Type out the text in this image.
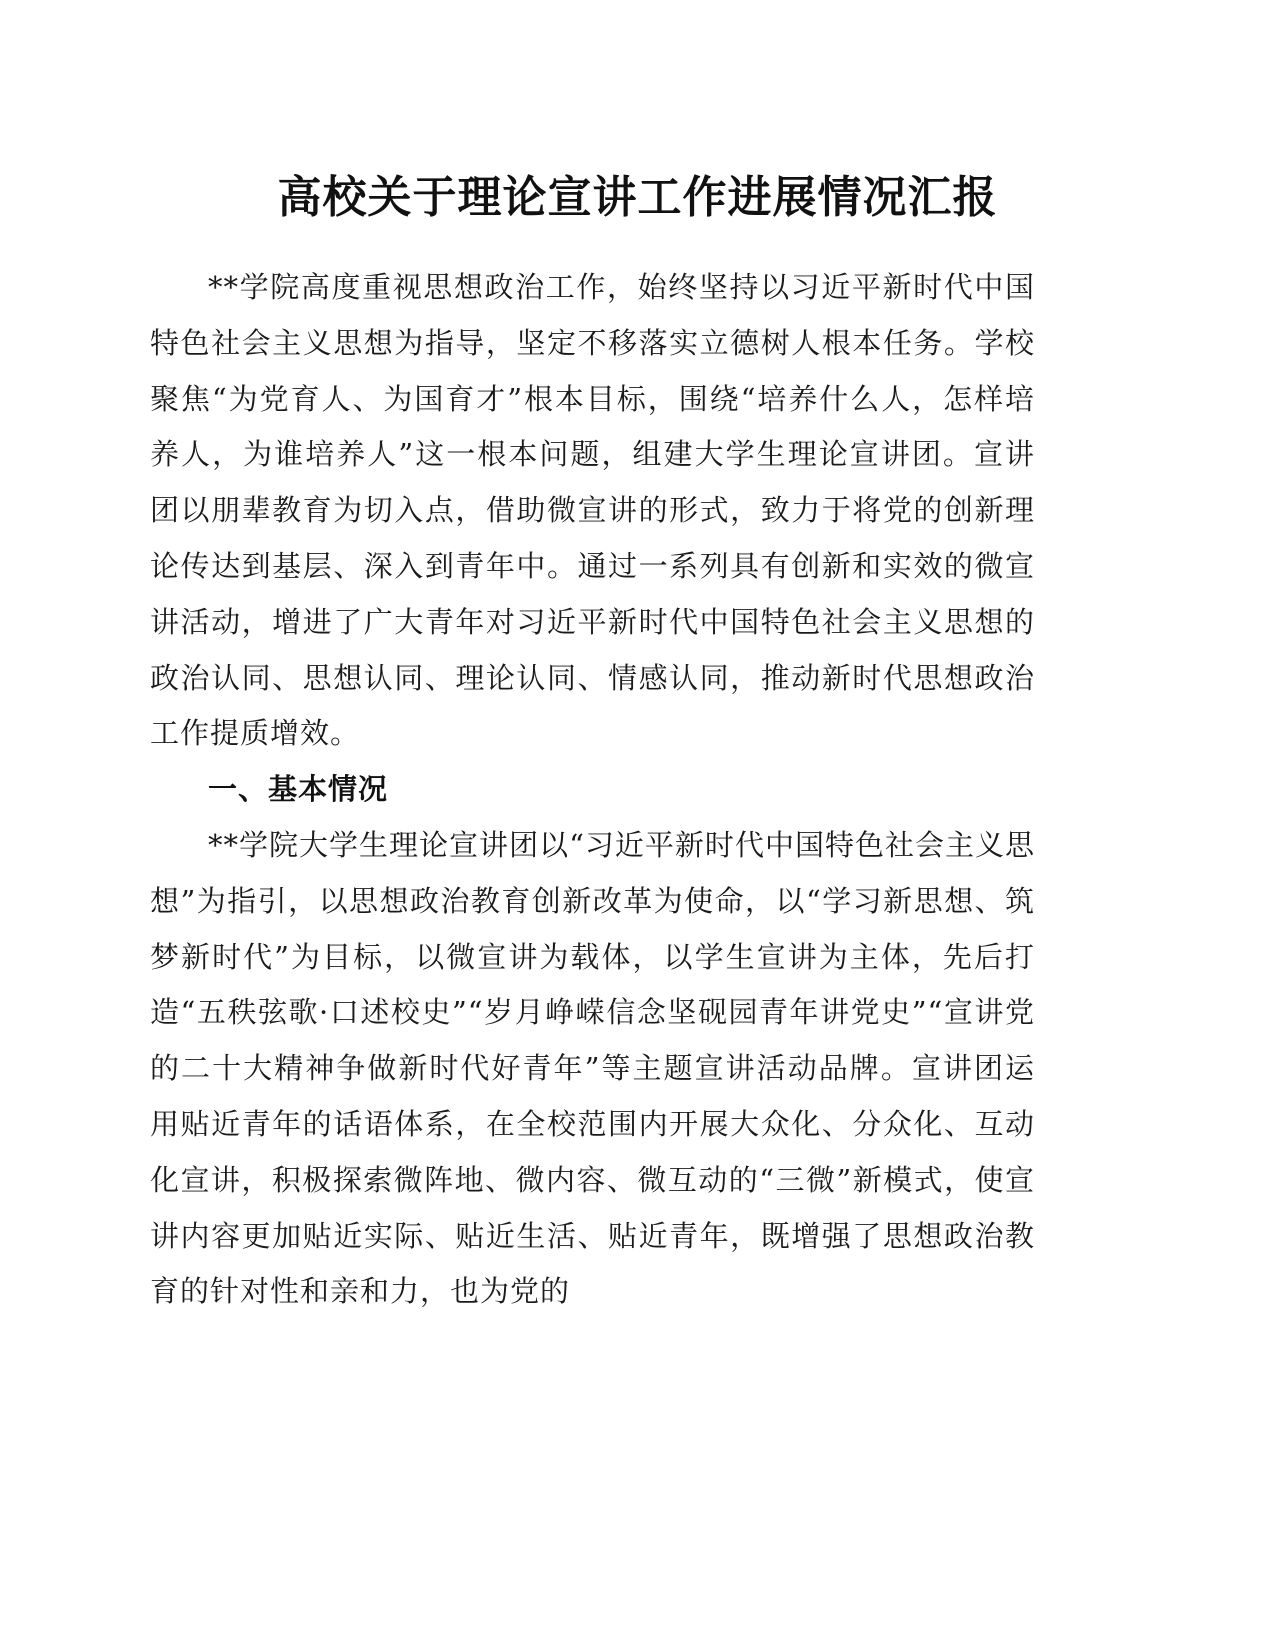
高校关于理论宣讲工作进展情况汇报

**学院高度重视思想政治工作，始终坚持以习近平新时代中国特色社会主义思想为指导，坚定不移落实立德树人根本任务。学校聚焦“为党育人、为国育才”根本目标，围绕“培养什么人，怎样培养人，为谁培养人”这一根本问题，组建大学生理论宣讲团。宣讲团以朋辈教育为切入点，借助微宣讲的形式，致力于将党的创新理论传达到基层、深入到青年中。通过一系列具有创新和实效的微宣讲活动，增进了广大青年对习近平新时代中国特色社会主义思想的政治认同、思想认同、理论认同、情感认同，推动新时代思想政治工作提质增效。

一、基本情况

**学院大学生理论宣讲团以“习近平新时代中国特色社会主义思想”为指引，以思想政治教育创新改革为使命，以“学习新思想、筑梦新时代”为目标，以微宣讲为载体，以学生宣讲为主体，先后打造“五秩弦歌·口述校史”“岁月峥嵘信念坚砚园青年讲党史”“宣讲党的二十大精神争做新时代好青年”等主题宣讲活动品牌。宣讲团运用贴近青年的话语体系，在全校范围内开展大众化、分众化、互动化宣讲，积极探索微阵地、微内容、微互动的“三微”新模式，使宣讲内容更加贴近实际、贴近生活、贴近青年，既增强了思想政治教育的针对性和亲和力，也为党的
